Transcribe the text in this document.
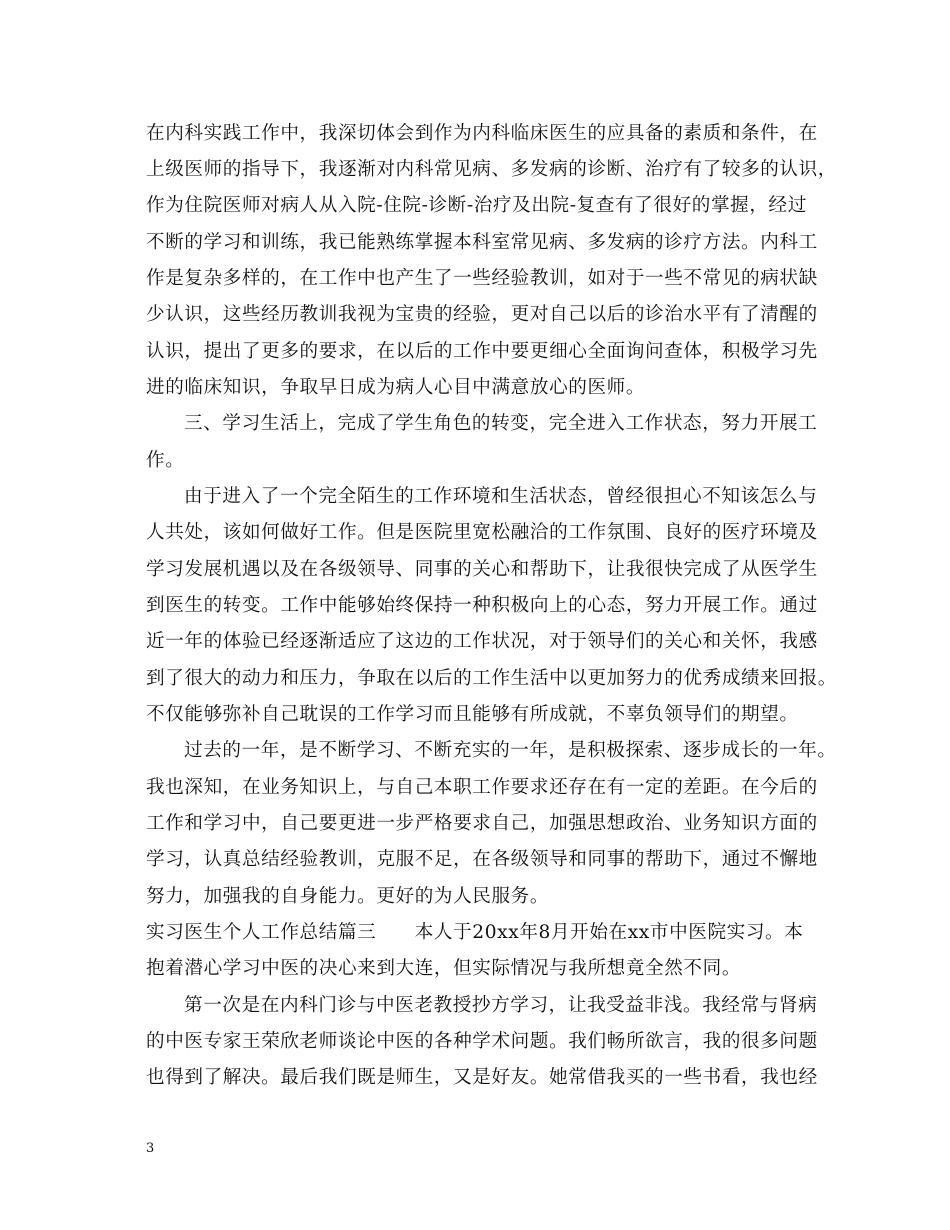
在内科实践工作中，我深切体会到作为内科临床医生的应具备的素质和条件，在
上级医师的指导下，我逐渐对内科常见病、多发病的诊断、治疗有了较多的认识，
作为住院医师对病人从入院-住院-诊断-治疗及出院-复查有了很好的掌握，经过
不断的学习和训练，我已能熟练掌握本科室常见病、多发病的诊疗方法。内科工
作是复杂多样的，在工作中也产生了一些经验教训，如对于一些不常见的病状缺
少认识，这些经历教训我视为宝贵的经验，更对自己以后的诊治水平有了清醒的
认识，提出了更多的要求，在以后的工作中要更细心全面询问查体，积极学习先
进的临床知识，争取早日成为病人心目中满意放心的医师。
三、学习生活上，完成了学生角色的转变，完全进入工作状态，努力开展工
作。
由于进入了一个完全陌生的工作环境和生活状态，曾经很担心不知该怎么与
人共处，该如何做好工作。但是医院里宽松融洽的工作氛围、良好的医疗环境及
学习发展机遇以及在各级领导、同事的关心和帮助下，让我很快完成了从医学生
到医生的转变。工作中能够始终保持一种积极向上的心态，努力开展工作。通过
近一年的体验已经逐渐适应了这边的工作状况，对于领导们的关心和关怀，我感
到了很大的动力和压力，争取在以后的工作生活中以更加努力的优秀成绩来回报。
不仅能够弥补自己耽误的工作学习而且能够有所成就，不辜负领导们的期望。
过去的一年，是不断学习、不断充实的一年，是积极探索、逐步成长的一年。
我也深知，在业务知识上，与自己本职工作要求还存在有一定的差距。在今后的
工作和学习中，自己要更进一步严格要求自己，加强思想政治、业务知识方面的
学习，认真总结经验教训，克服不足，在各级领导和同事的帮助下，通过不懈地
努力，加强我的自身能力。更好的为人民服务。
实习医生个人工作总结篇三　　本人于20xx年8月开始在xx市中医院实习。本
抱着潜心学习中医的决心来到大连，但实际情况与我所想竟全然不同。
第一次是在内科门诊与中医老教授抄方学习，让我受益非浅。我经常与肾病
的中医专家王荣欣老师谈论中医的各种学术问题。我们畅所欲言，我的很多问题
也得到了解决。最后我们既是师生，又是好友。她常借我买的一些书看，我也经
3
